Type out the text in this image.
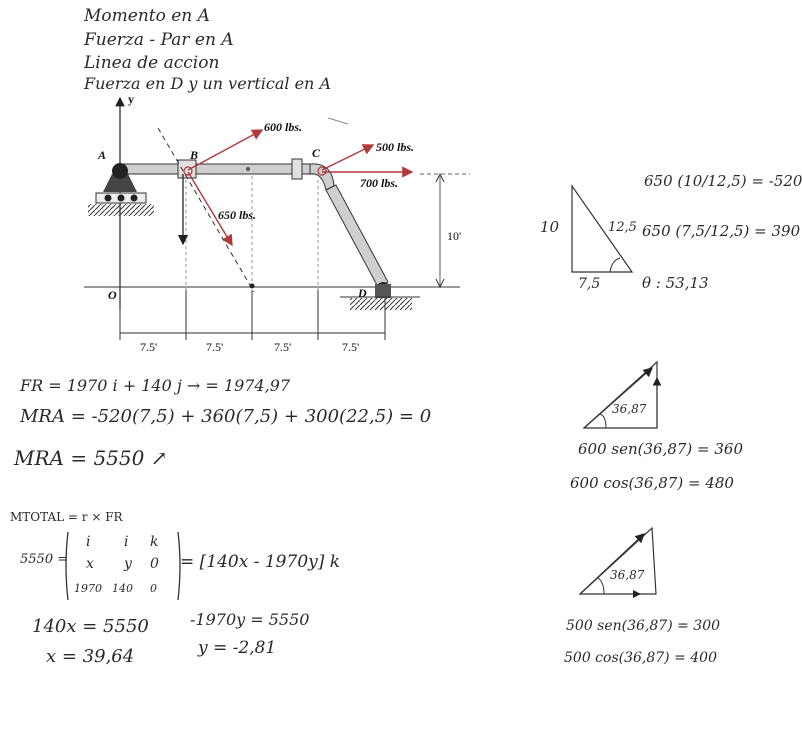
Momento en A
Fuerza - Par en A
Linea de accion
Fuerza en D y un vertical en A
y
A	B	C
D
O
600 lbs.
500 lbs.
700 lbs.
650 lbs.
10'
7.5'	7.5'	7.5'	7.5'
FR = 1970 i + 140 j → = 1974,97
MRA = -520(7,5) + 360(7,5) + 300(22,5) = 0
MRA = 5550 ↗
MTOTAL = r × FR
5550 =
i i k
x y 0
1970 140 0
= [140x - 1970y] k
140x = 5550	-1970y = 5550
x = 39,64	y = -2,81
10	12,5
7,5
650 (10/12,5) = -520
650 (7,5/12,5) = 390
θ : 53,13
36,87
600 sen(36,87) = 360
600 cos(36,87) = 480
36,87
500 sen(36,87) = 300
500 cos(36,87) = 400
